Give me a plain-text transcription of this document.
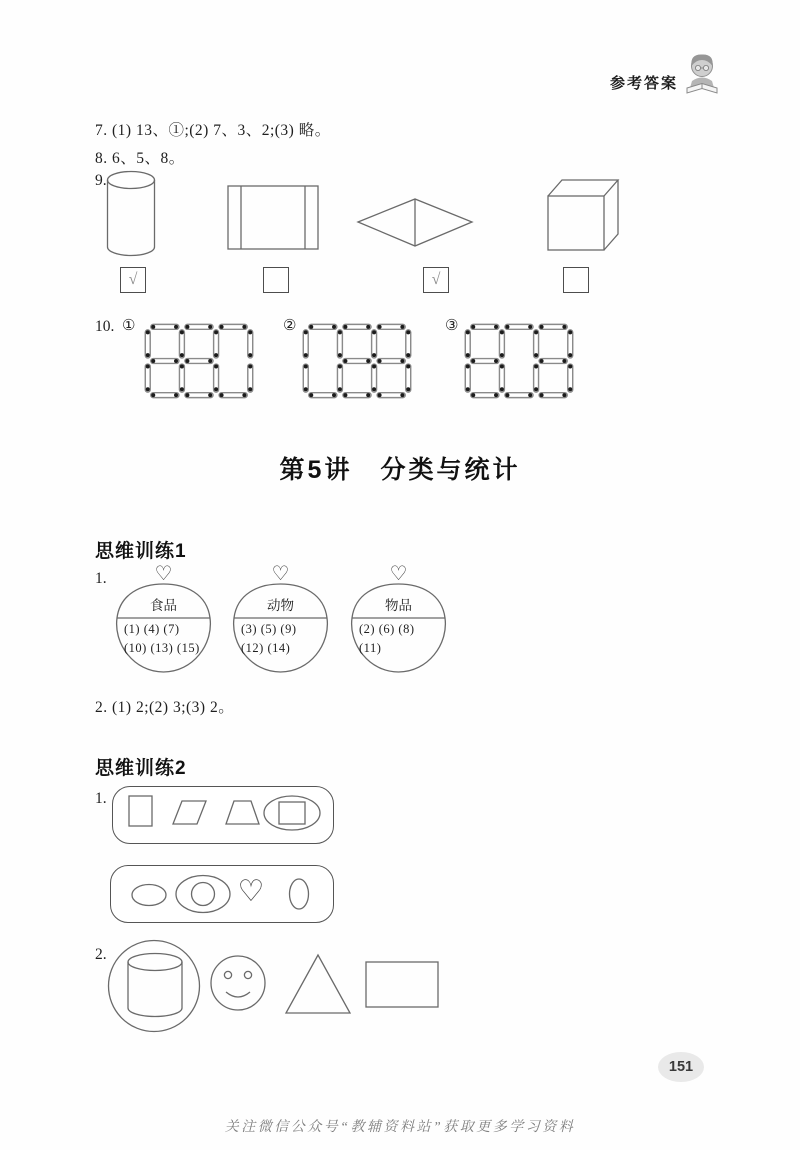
参考答案
7. (1) 13、①;(2) 7、3、2;(3) 略。
8. 6、5、8。
9.
√	√
10. ①	②	③
第5讲　分类与统计
思维训练1
1.	♡
食品
(1) (4) (7)
(10) (13) (15)
♡
动物
(3) (5) (9)
(12) (14)
♡
物品
(2) (6) (8)
(11)
2. (1) 2;(2) 3;(3) 2。
思维训练2
1.
♡
2.
151
关注微信公众号“教辅资料站”获取更多学习资料
